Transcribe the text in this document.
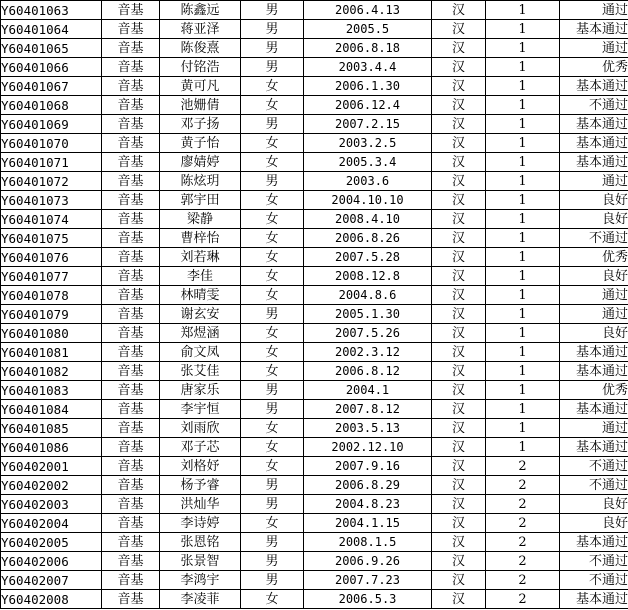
Y60401063	音基	陈鑫远	男	2006.4.13	汉	1	通过
Y60401064	音基	蒋亚泽	男	2005.5	汉	1	基本通过
Y60401065	音基	陈俊熹	男	2006.8.18	汉	1	通过
Y60401066	音基	付铭浩	男	2003.4.4	汉	1	优秀
Y60401067	音基	黄可凡	女	2006.1.30	汉	1	基本通过
Y60401068	音基	池姗倩	女	2006.12.4	汉	1	不通过
Y60401069	音基	邓子扬	男	2007.2.15	汉	1	基本通过
Y60401070	音基	黄子怡	女	2003.2.5	汉	1	基本通过
Y60401071	音基	廖婧婷	女	2005.3.4	汉	1	基本通过
Y60401072	音基	陈炫玥	男	2003.6	汉	1	通过
Y60401073	音基	郭宇田	女	2004.10.10	汉	1	良好
Y60401074	音基	梁静	女	2008.4.10	汉	1	良好
Y60401075	音基	曹梓怡	女	2006.8.26	汉	1	不通过
Y60401076	音基	刘若琳	女	2007.5.28	汉	1	优秀
Y60401077	音基	李佳	女	2008.12.8	汉	1	良好
Y60401078	音基	林晴雯	女	2004.8.6	汉	1	通过
Y60401079	音基	谢玄安	男	2005.1.30	汉	1	通过
Y60401080	音基	郑煜涵	女	2007.5.26	汉	1	良好
Y60401081	音基	俞文凤	女	2002.3.12	汉	1	基本通过
Y60401082	音基	张艾佳	女	2006.8.12	汉	1	基本通过
Y60401083	音基	唐家乐	男	2004.1	汉	1	优秀
Y60401084	音基	李宇恒	男	2007.8.12	汉	1	基本通过
Y60401085	音基	刘雨欣	女	2003.5.13	汉	1	通过
Y60401086	音基	邓子芯	女	2002.12.10	汉	1	基本通过
Y60402001	音基	刘格妤	女	2007.9.16	汉	2	不通过
Y60402002	音基	杨予睿	男	2006.8.29	汉	2	不通过
Y60402003	音基	洪灿华	男	2004.8.23	汉	2	良好
Y60402004	音基	李诗婷	女	2004.1.15	汉	2	良好
Y60402005	音基	张恩铭	男	2008.1.5	汉	2	基本通过
Y60402006	音基	张景智	男	2006.9.26	汉	2	不通过
Y60402007	音基	李鸿宇	男	2007.7.23	汉	2	不通过
Y60402008	音基	李凌菲	女	2006.5.3	汉	2	基本通过
